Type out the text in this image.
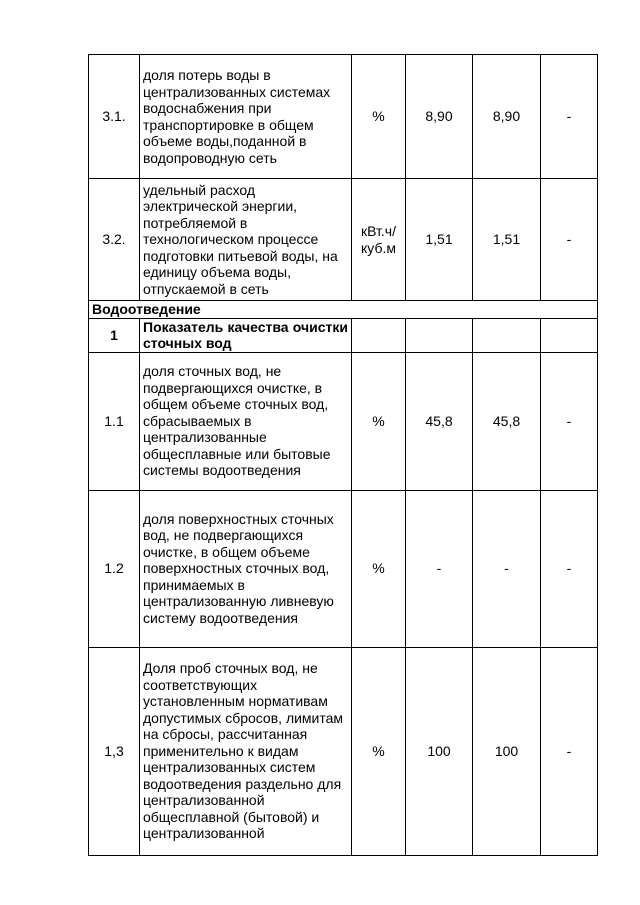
3.1.	доля потерь воды в централизованных системах водоснабжения при транспортировке в общем объеме воды,поданной в водопроводную сеть	%	8,90	8,90	-
3.2.	удельный расход электрической энергии, потребляемой в технологическом процессе подготовки питьевой воды, на единицу объема воды, отпускаемой в сеть	кВт.ч/
куб.м	1,51	1,51	-
Водоотведение					
1	Показатель качества очистки сточных вод				
1.1	доля сточных вод, не подвергающихся очистке, в общем объеме сточных вод, сбрасываемых в централизованные общесплавные или бытовые системы водоотведения	%	45,8	45,8	-
1.2	доля поверхностных сточных вод, не подвергающихся очистке, в общем объеме поверхностных сточных вод, принимаемых в централизованную ливневую систему водоотведения	%	-	-	-
1,3	Доля проб сточных вод, не соответствующих установленным нормативам допустимых сбросов, лимитам на сбросы, рассчитанная применительно к видам централизованных систем водоотведения раздельно для централизованной общесплавной (бытовой) и централизованной	%	100	100	-
